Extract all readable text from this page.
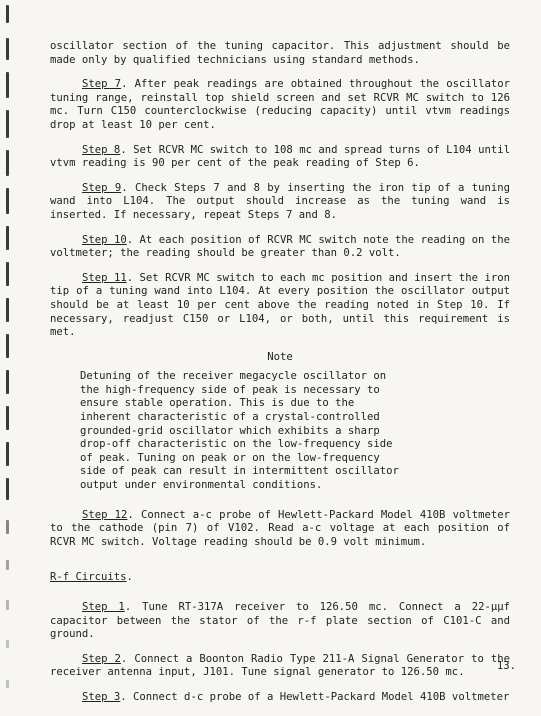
oscillator section of the tuning capacitor. This adjustment should be made only by qualified technicians using standard methods.

Step 7. After peak readings are obtained throughout the oscillator tuning range, reinstall top shield screen and set RCVR MC switch to 126 mc. Turn C150 counterclockwise (reducing capacity) until vtvm readings drop at least 10 per cent.

Step 8. Set RCVR MC switch to 108 mc and spread turns of L104 until vtvm reading is 90 per cent of the peak reading of Step 6.

Step 9. Check Steps 7 and 8 by inserting the iron tip of a tuning wand into L104. The output should increase as the tuning wand is inserted. If necessary, repeat Steps 7 and 8.

Step 10. At each position of RCVR MC switch note the reading on the voltmeter; the reading should be greater than 0.2 volt.

Step 11. Set RCVR MC switch to each mc position and insert the iron tip of a tuning wand into L104. At every position the oscillator output should be at least 10 per cent above the reading noted in Step 10. If necessary, readjust C150 or L104, or both, until this requirement is met.

Note
Detuning of the receiver megacycle oscillator on the high-frequency side of peak is necessary to ensure stable operation. This is due to the inherent characteristic of a crystal-controlled grounded-grid oscillator which exhibits a sharp drop-off characteristic on the low-frequency side of peak. Tuning on peak or on the low-frequency side of peak can result in intermittent oscillator output under environmental conditions.

Step 12. Connect a-c probe of Hewlett-Packard Model 410B voltmeter to the cathode (pin 7) of V102. Read a-c voltage at each position of RCVR MC switch. Voltage reading should be 0.9 volt minimum.

R-f Circuits.

Step 1. Tune RT-317A receiver to 126.50 mc. Connect a 22-µµf capacitor between the stator of the r-f plate section of C101-C and ground.

Step 2. Connect a Boonton Radio Type 211-A Signal Generator to the receiver antenna input, J101. Tune signal generator to 126.50 mc.

Step 3. Connect d-c probe of a Hewlett-Packard Model 410B voltmeter

13.
